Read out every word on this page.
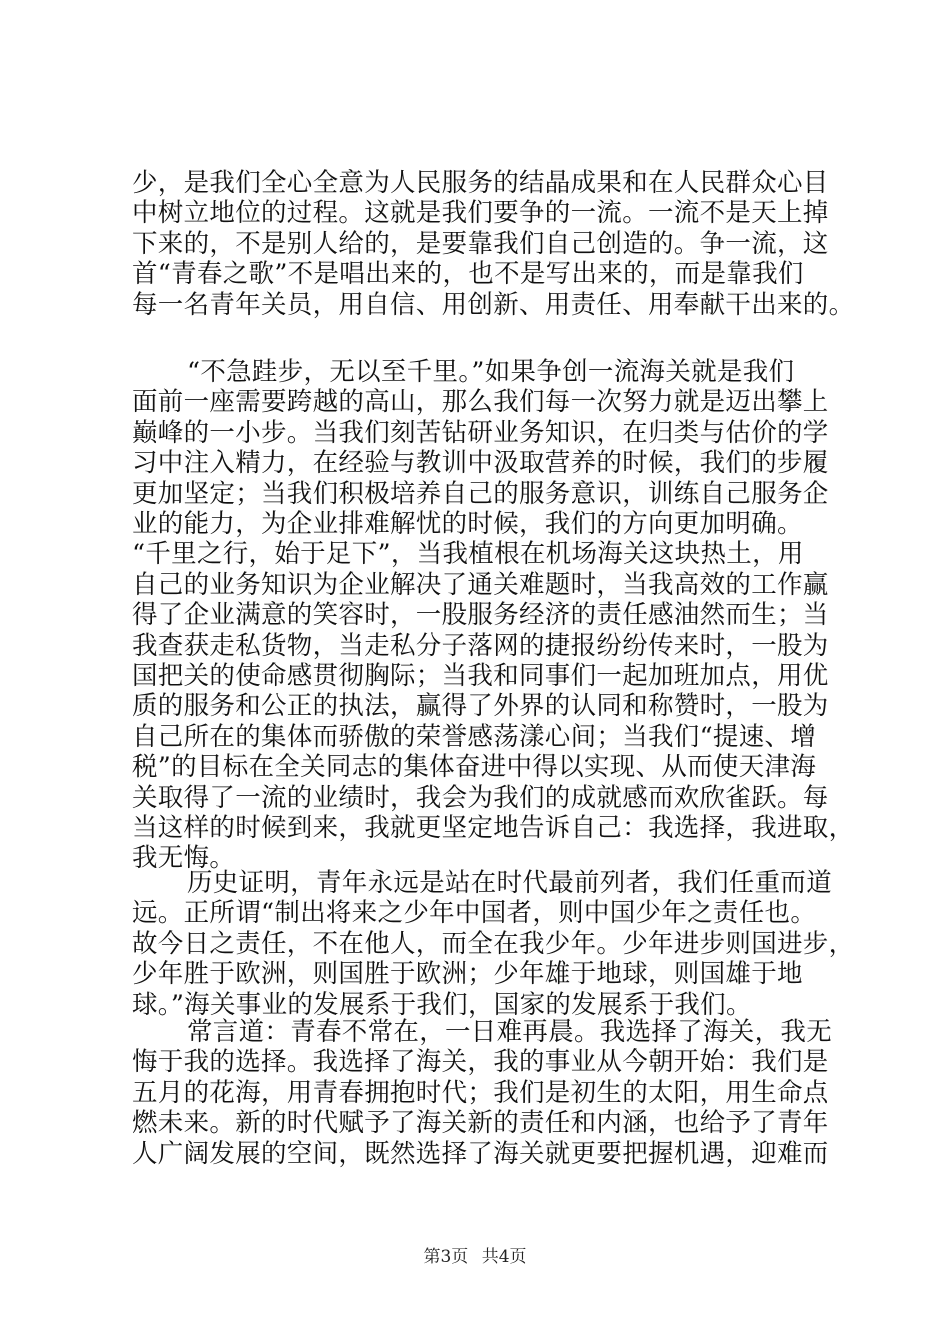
少，是我们全心全意为人民服务的结晶成果和在人民群众心目
中树立地位的过程。这就是我们要争的一流。一流不是天上掉
下来的，不是别人给的，是要靠我们自己创造的。争一流，这
首“青春之歌”不是唱出来的，也不是写出来的，而是靠我们
每一名青年关员，用自信、用创新、用责任、用奉献干出来的。
“不急跬步，无以至千里。”如果争创一流海关就是我们
面前一座需要跨越的高山，那么我们每一次努力就是迈出攀上
巅峰的一小步。当我们刻苦钻研业务知识，在归类与估价的学
习中注入精力，在经验与教训中汲取营养的时候，我们的步履
更加坚定；当我们积极培养自己的服务意识，训练自己服务企
业的能力，为企业排难解忧的时候，我们的方向更加明确。
“千里之行，始于足下”，当我植根在机场海关这块热土，用
自己的业务知识为企业解决了通关难题时，当我高效的工作赢
得了企业满意的笑容时，一股服务经济的责任感油然而生；当
我查获走私货物，当走私分子落网的捷报纷纷传来时，一股为
国把关的使命感贯彻胸际；当我和同事们一起加班加点，用优
质的服务和公正的执法，赢得了外界的认同和称赞时，一股为
自己所在的集体而骄傲的荣誉感荡漾心间；当我们“提速、增
税”的目标在全关同志的集体奋进中得以实现、从而使天津海
关取得了一流的业绩时，我会为我们的成就感而欢欣雀跃。每
当这样的时候到来，我就更坚定地告诉自己：我选择，我进取，
我无悔。
历史证明，青年永远是站在时代最前列者，我们任重而道
远。正所谓“制出将来之少年中国者，则中国少年之责任也。
故今日之责任，不在他人，而全在我少年。少年进步则国进步，
少年胜于欧洲，则国胜于欧洲；少年雄于地球，则国雄于地
球。”海关事业的发展系于我们，国家的发展系于我们。
常言道：青春不常在，一日难再晨。我选择了海关，我无
悔于我的选择。我选择了海关，我的事业从今朝开始：我们是
五月的花海，用青春拥抱时代；我们是初生的太阳，用生命点
燃未来。新的时代赋予了海关新的责任和内涵，也给予了青年
人广阔发展的空间，既然选择了海关就更要把握机遇，迎难而
第3页 共4页
